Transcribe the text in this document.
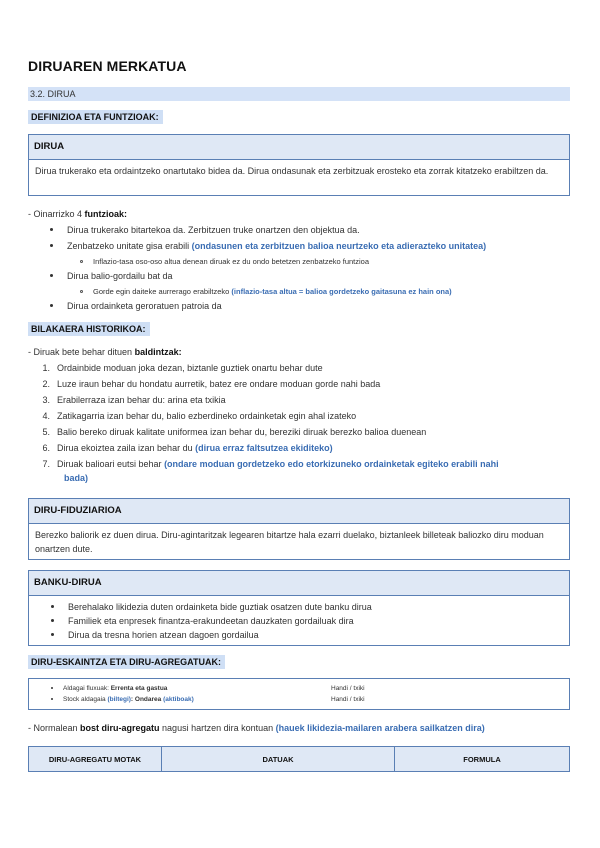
DIRUAREN MERKATUA
3.2. DIRUA
DEFINIZIOA ETA FUNTZIOAK:
DIRUA
Dirua trukerako eta ordaintzeko onartutako bidea da. Dirua ondasunak eta zerbitzuak erosteko eta zorrak kitatzeko erabiltzen da.
- Oinarrizko 4 funtzioak:
Dirua trukerako bitartekoa da. Zerbitzuen truke onartzen den objektua da.
Zenbatzeko unitate gisa erabili (ondasunen eta zerbitzuen balioa neurtzeko eta adierazteko unitatea)
Inflazio-tasa oso-oso altua denean diruak ez du ondo betetzen zenbatzeko funtzioa
Dirua balio-gordailu bat da
Gorde egin daiteke aurrerago erabiltzeko (inflazio-tasa altua = balioa gordetzeko gaitasuna ez hain ona)
Dirua ordainketa geroratuen patroia da
BILAKAERA HISTORIKOA:
- Diruak bete behar dituen baldintzak:
1. Ordainbide moduan joka dezan, biztanle guztiek onartu behar dute
2. Luze iraun behar du hondatu aurretik, batez ere ondare moduan gorde nahi bada
3. Erabilerraza izan behar du: arina eta txikia
4. Zatikagarria izan behar du, balio ezberdineko ordainketak egin ahal izateko
5. Balio bereko diruak kalitate uniformea izan behar du, bereziki diruak berezko balioa duenean
6. Dirua ekoiztea zaila izan behar du (dirua erraz faltsutzea ekiditeko)
7. Diruak balioari eutsi behar (ondare moduan gordetzeko edo etorkizuneko ordainketak egiteko erabili nahi
bada)
DIRU-FIDUZIARIOA
Berezko baliorik ez duen dirua. Diru-agintaritzak legearen bitartze hala ezarri duelako, biztanleek billeteak baliozko diru moduan onartzen dute.
BANKU-DIRUA
Berehalako likidezia duten ordainketa bide guztiak osatzen dute banku dirua
Familiek eta enpresek finantza-erakundeetan dauzkaten gordailuak dira
Dirua da tresna horien atzean dagoen gordailua
DIRU-ESKAINTZA ETA DIRU-AGREGATUAK:
Aldagai fluxuak: Errenta eta gastua	Handi / txiki
Stock aldagaia (biltegi): Ondarea (aktiboak)	Handi / txiki
- Normalean bost diru-agregatu nagusi hartzen dira kontuan (hauek likidezia-mailaren arabera sailkatzen dira)
DIRU-AGREGATU MOTAK	DATUAK	FORMULA
